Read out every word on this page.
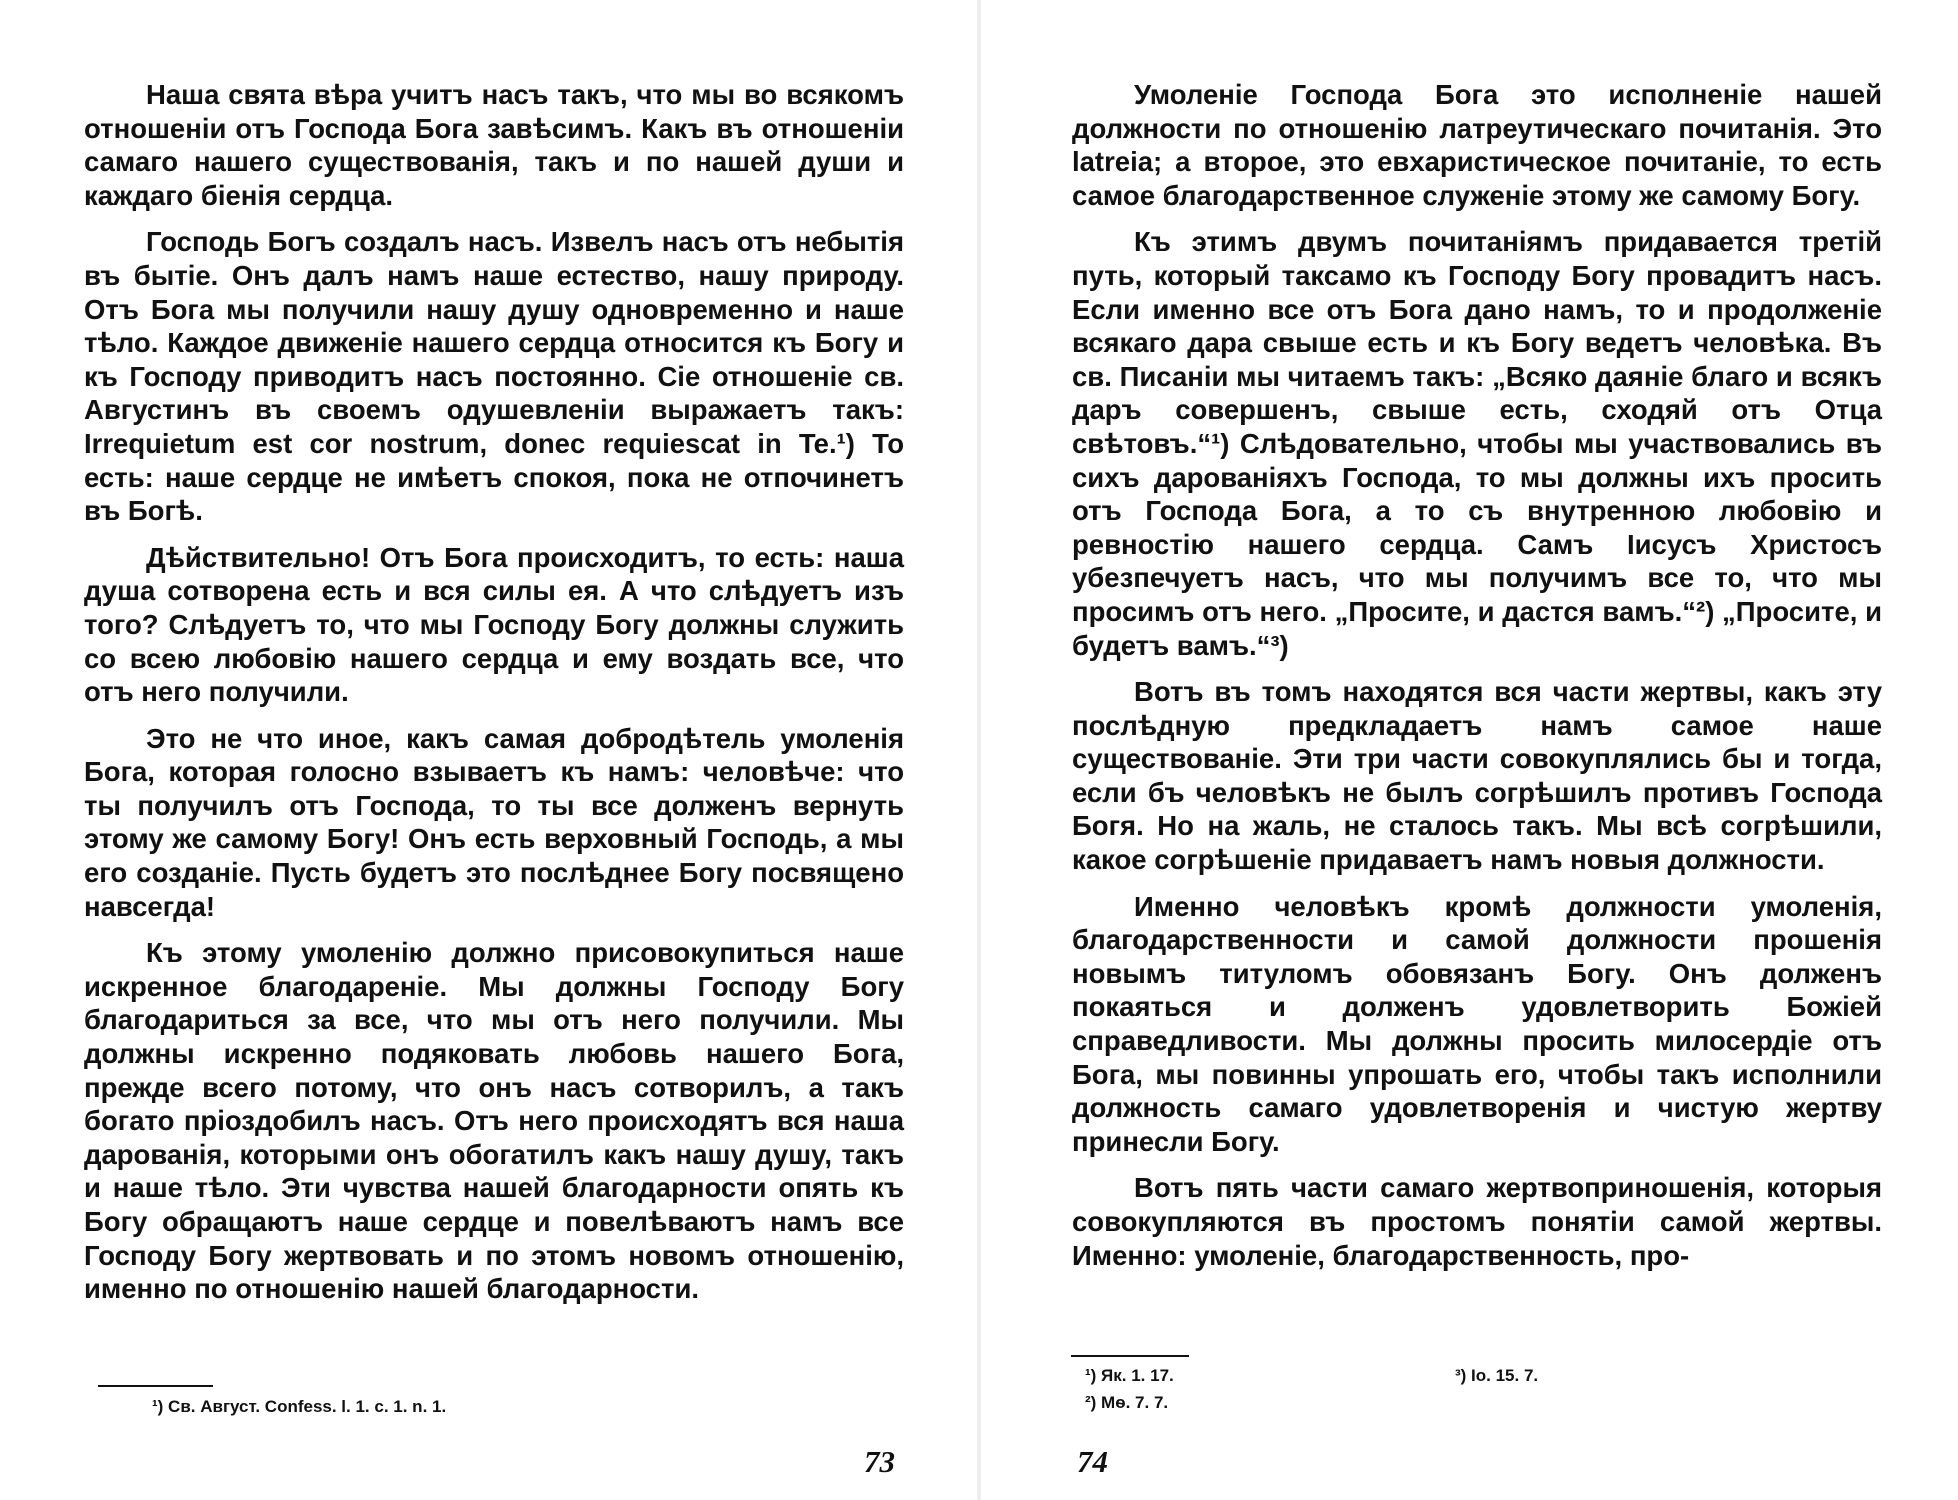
Наша свята вѣра учитъ насъ такъ, что мы во всякомъ отношеніи отъ Господа Бога завѣсимъ. Какъ въ отношеніи самаго нашего существованія, такъ и по нашей души и каждаго біенія сердца.

Господь Богъ создалъ насъ. Извелъ насъ отъ небытія въ бытіе. Онъ далъ намъ наше естество, нашу природу. Отъ Бога мы получили нашу душу одновременно и наше тѣло. Каждое движеніе нашего сердца относится къ Богу и къ Господу приводитъ насъ постоянно. Сіе отношеніе св. Августинъ въ своемъ одушевленіи выражаетъ такъ: Irrequietum est cor nostrum, donec requiescat in Te.¹) То есть: наше сердце не имѣетъ спокоя, пока не отпочинетъ въ Богѣ.

Дѣйствительно! Отъ Бога происходитъ, то есть: наша душа сотворена есть и вся силы ея. А что слѣдуетъ изъ того? Слѣдуетъ то, что мы Господу Богу должны служить со всею любовію нашего сердца и ему воздать все, что отъ него получили.

Это не что иное, какъ самая добродѣтель умоленія Бога, которая голосно взываетъ къ намъ: человѣче: что ты получилъ отъ Господа, то ты все долженъ вернуть этому же самому Богу! Онъ есть верховный Господь, а мы его созданіе. Пусть будетъ это послѣднее Богу посвящено навсегда!

Къ этому умоленію должно присовокупиться наше искренное благодареніе. Мы должны Господу Богу благодариться за все, что мы отъ него получили. Мы должны искренно подяковать любовь нашего Бога, прежде всего потому, что онъ насъ сотворилъ, а такъ богато пріоздобилъ насъ. Отъ него происходятъ вся наша дарованія, которыми онъ обогатилъ какъ нашу душу, такъ и наше тѣло. Эти чувства нашей благодарности опять къ Богу обращаютъ наше сердце и повелѣваютъ намъ все Господу Богу жертвовать и по этомъ новомъ отношенію, именно по отношенію нашей благодарности.

¹) Св. Август. Confess. l. 1. c. 1. n. 1.
73

Умоленіе Господа Бога это исполненіе нашей должности по отношенію латреутическаго почитанія. Это latreia; а второе, это евхаристическое почитаніе, то есть самое благодарственное служеніе этому же самому Богу.

Къ этимъ двумъ почитаніямъ придавается третій путь, который таксамо къ Господу Богу провадитъ насъ. Если именно все отъ Бога дано намъ, то и продолженіе всякаго дара свыше есть и къ Богу ведетъ человѣка. Въ св. Писаніи мы читаемъ такъ: „Всяко даяніе благо и всякъ даръ совершенъ, свыше есть, сходяй отъ Отца свѣтовъ.“¹) Слѣдовательно, чтобы мы участвовались въ сихъ дарованіяхъ Господа, то мы должны ихъ просить отъ Господа Бога, а то съ внутренною любовію и ревностію нашего сердца. Самъ Іисусъ Христосъ убезпечуетъ насъ, что мы получимъ все то, что мы просимъ отъ него. „Просите, и дастся вамъ.“²) „Просите, и будетъ вамъ.“³)

Вотъ въ томъ находятся вся части жертвы, какъ эту послѣдную предкладаетъ намъ самое наше существованіе. Эти три части совокуплялись бы и тогда, если бъ человѣкъ не былъ согрѣшилъ противъ Господа Богя. Но на жаль, не сталось такъ. Мы всѣ согрѣшили, какое согрѣшеніе придаваетъ намъ новыя должности.

Именно человѣкъ кромѣ должности умоленія, благодарственности и самой должности прошенія новымъ титуломъ обовязанъ Богу. Онъ долженъ покаяться и долженъ удовлетворить Божіей справедливости. Мы должны просить милосердіе отъ Бога, мы повинны упрошать его, чтобы такъ исполнили должность самаго удовлетворенія и чистую жертву принесли Богу.

Вотъ пять части самаго жертвоприношенія, которыя совокупляются въ простомъ понятіи самой жертвы. Именно: умоленіе, благодарственность, про-

¹) Як. 1. 17.	³) Іо. 15. 7.
²) Мѳ. 7. 7.
74
